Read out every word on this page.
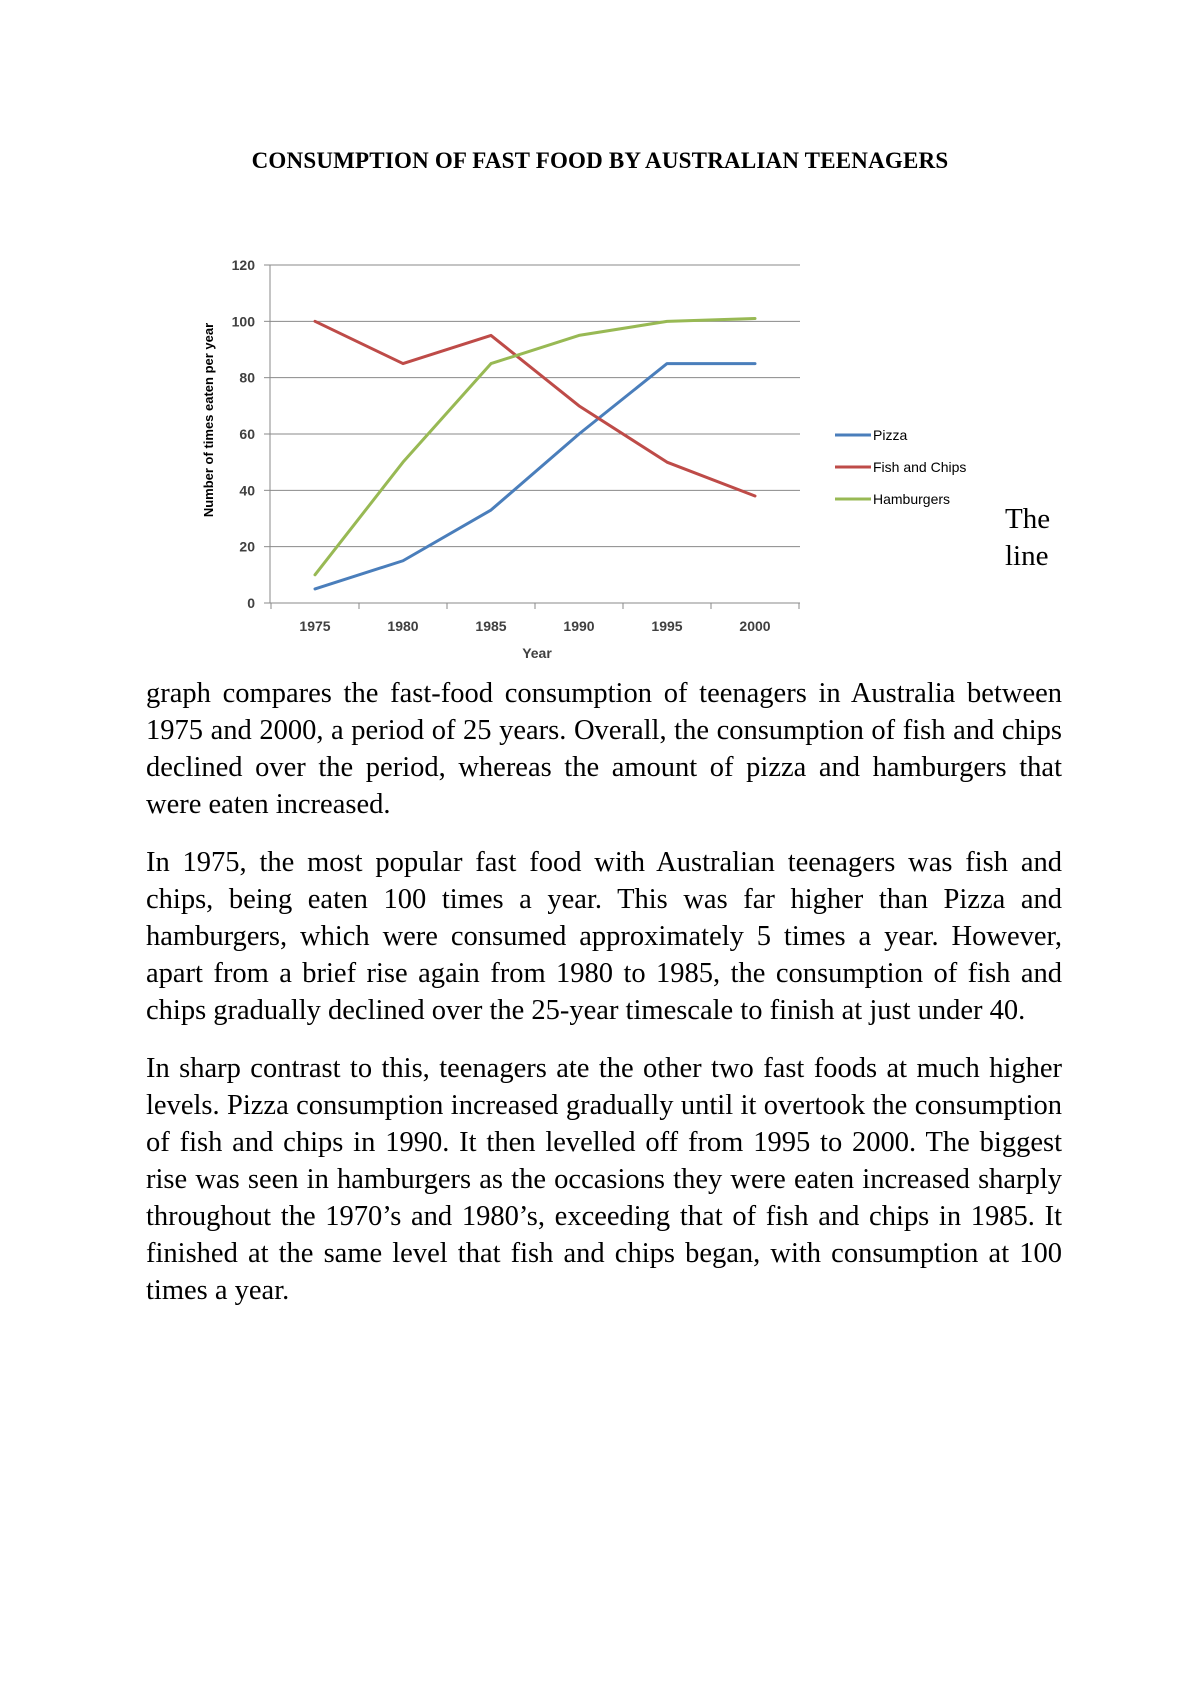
CONSUMPTION OF FAST FOOD BY AUSTRALIAN TEENAGERS
0
20
40
60
80
100
120
1975	1980	1985	1990	1995	2000
Pizza
Fish and Chips
Hamburgers
Year
Number of times eaten per year
The
line

graph compares the fast-food consumption of teenagers in Australia between 1975 and 2000, a period of 25 years. Overall, the consumption of fish and chips declined over the period, whereas the amount of pizza and hamburgers that were eaten increased.

In 1975, the most popular fast food with Australian teenagers was fish and chips, being eaten 100 times a year. This was far higher than Pizza and hamburgers, which were consumed approximately 5 times a year. However, apart from a brief rise again from 1980 to 1985, the consumption of fish and chips gradually declined over the 25-year timescale to finish at just under 40.

In sharp contrast to this, teenagers ate the other two fast foods at much higher levels. Pizza consumption increased gradually until it overtook the consumption of fish and chips in 1990. It then levelled off from 1995 to 2000. The biggest rise was seen in hamburgers as the occasions they were eaten increased sharply throughout the 1970’s and 1980’s, exceeding that of fish and chips in 1985. It finished at the same level that fish and chips began, with consumption at 100 times a year.
